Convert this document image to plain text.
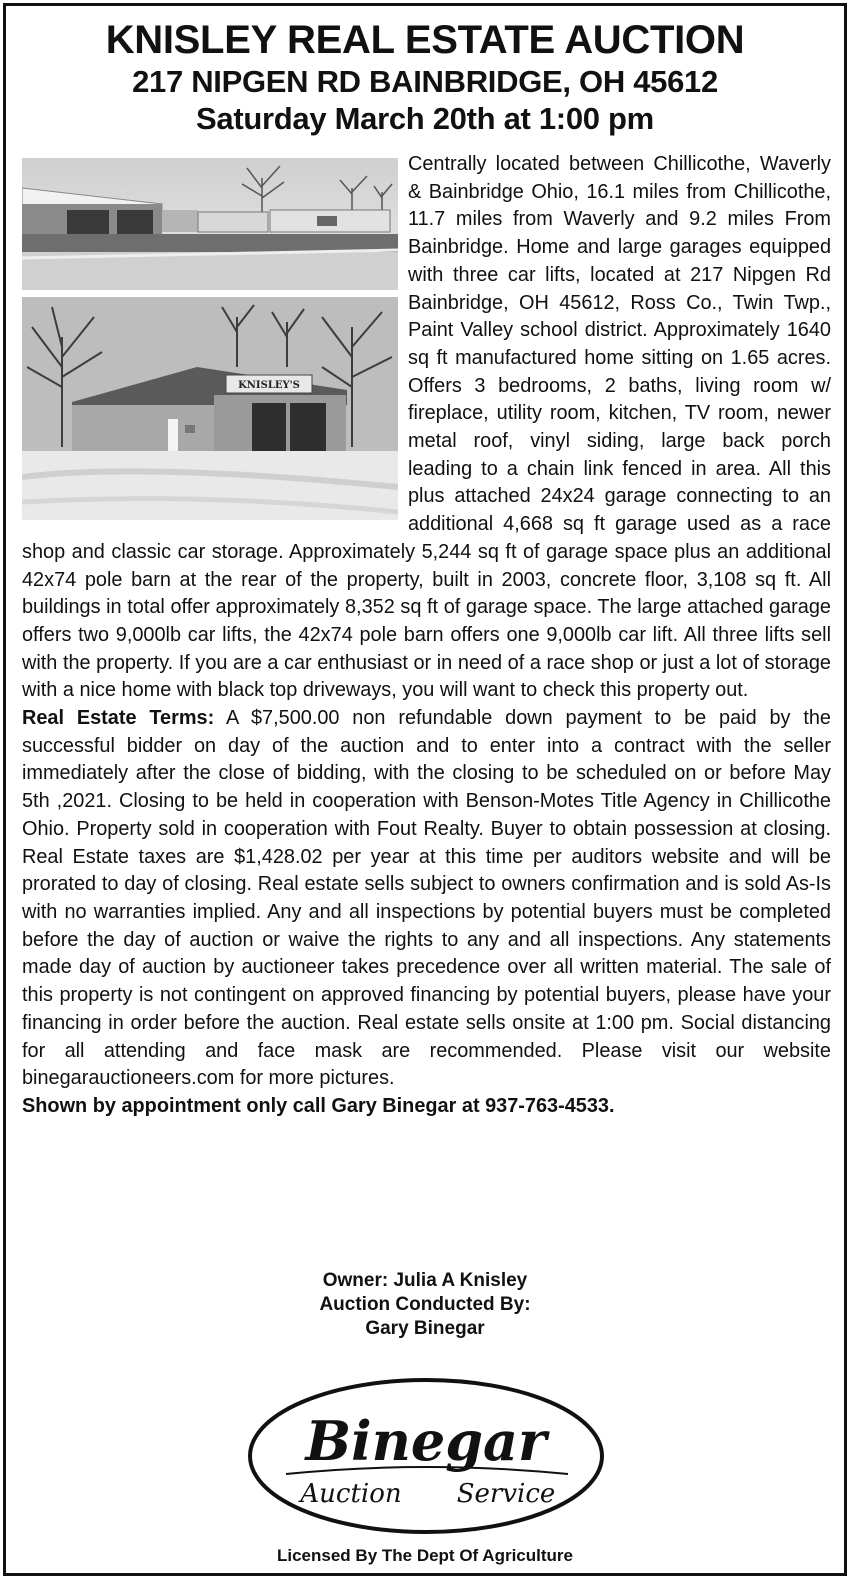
KNISLEY REAL ESTATE AUCTION
217 NIPGEN RD BAINBRIDGE, OH 45612
Saturday March 20th at 1:00 pm
KNISLEY'S

Centrally located between Chillicothe, Waverly & Bainbridge Ohio, 16.1 miles from Chillicothe, 11.7 miles from Waverly and 9.2 miles From Bainbridge. Home and large garages equipped with three car lifts, located at 217 Nipgen Rd Bainbridge, OH 45612, Ross Co., Twin Twp., Paint Valley school district. Approximately 1640 sq ft manufactured home sitting on 1.65 acres. Offers 3 bedrooms, 2 baths, living room w/ fireplace, utility room, kitchen, TV room, newer metal roof, vinyl siding, large back porch leading to a chain link fenced in area. All this plus attached 24x24 garage connecting to an additional 4,668 sq ft garage used as a race shop and classic car storage. Approximately 5,244 sq ft of garage space plus an additional 42x74 pole barn at the rear of the property, built in 2003, concrete floor, 3,108 sq ft. All buildings in total offer approximately 8,352 sq ft of garage space. The large attached garage offers two 9,000lb car lifts, the 42x74 pole barn offers one 9,000lb car lift. All three lifts sell with the property. If you are a car enthusiast or in need of a race shop or just a lot of storage with a nice home with black top driveways, you will want to check this property out.

Real Estate Terms: A $7,500.00 non refundable down payment to be paid by the successful bidder on day of the auction and to enter into a contract with the seller immediately after the close of bidding, with the closing to be scheduled on or before May 5th ,2021. Closing to be held in cooperation with Benson-Motes Title Agency in Chillicothe Ohio. Property sold in cooperation with Fout Realty. Buyer to obtain possession at closing. Real Estate taxes are $1,428.02 per year at this time per auditors website and will be prorated to day of closing. Real estate sells subject to owners confirmation and is sold As-Is with no warranties implied. Any and all inspections by potential buyers must be completed before the day of auction or waive the rights to any and all inspections. Any statements made day of auction by auctioneer takes precedence over all written material. The sale of this property is not contingent on approved financing by potential buyers, please have your financing in order before the auction. Real estate sells onsite at 1:00 pm. Social distancing for all attending and face mask are recommended. Please visit our website binegarauctioneers.com for more pictures.

Shown by appointment only call Gary Binegar at 937-763-4533.
Owner: Julia A Knisley
Auction Conducted By:
Gary Binegar
Binegar
Auction Service
Licensed By The Dept Of Agriculture
